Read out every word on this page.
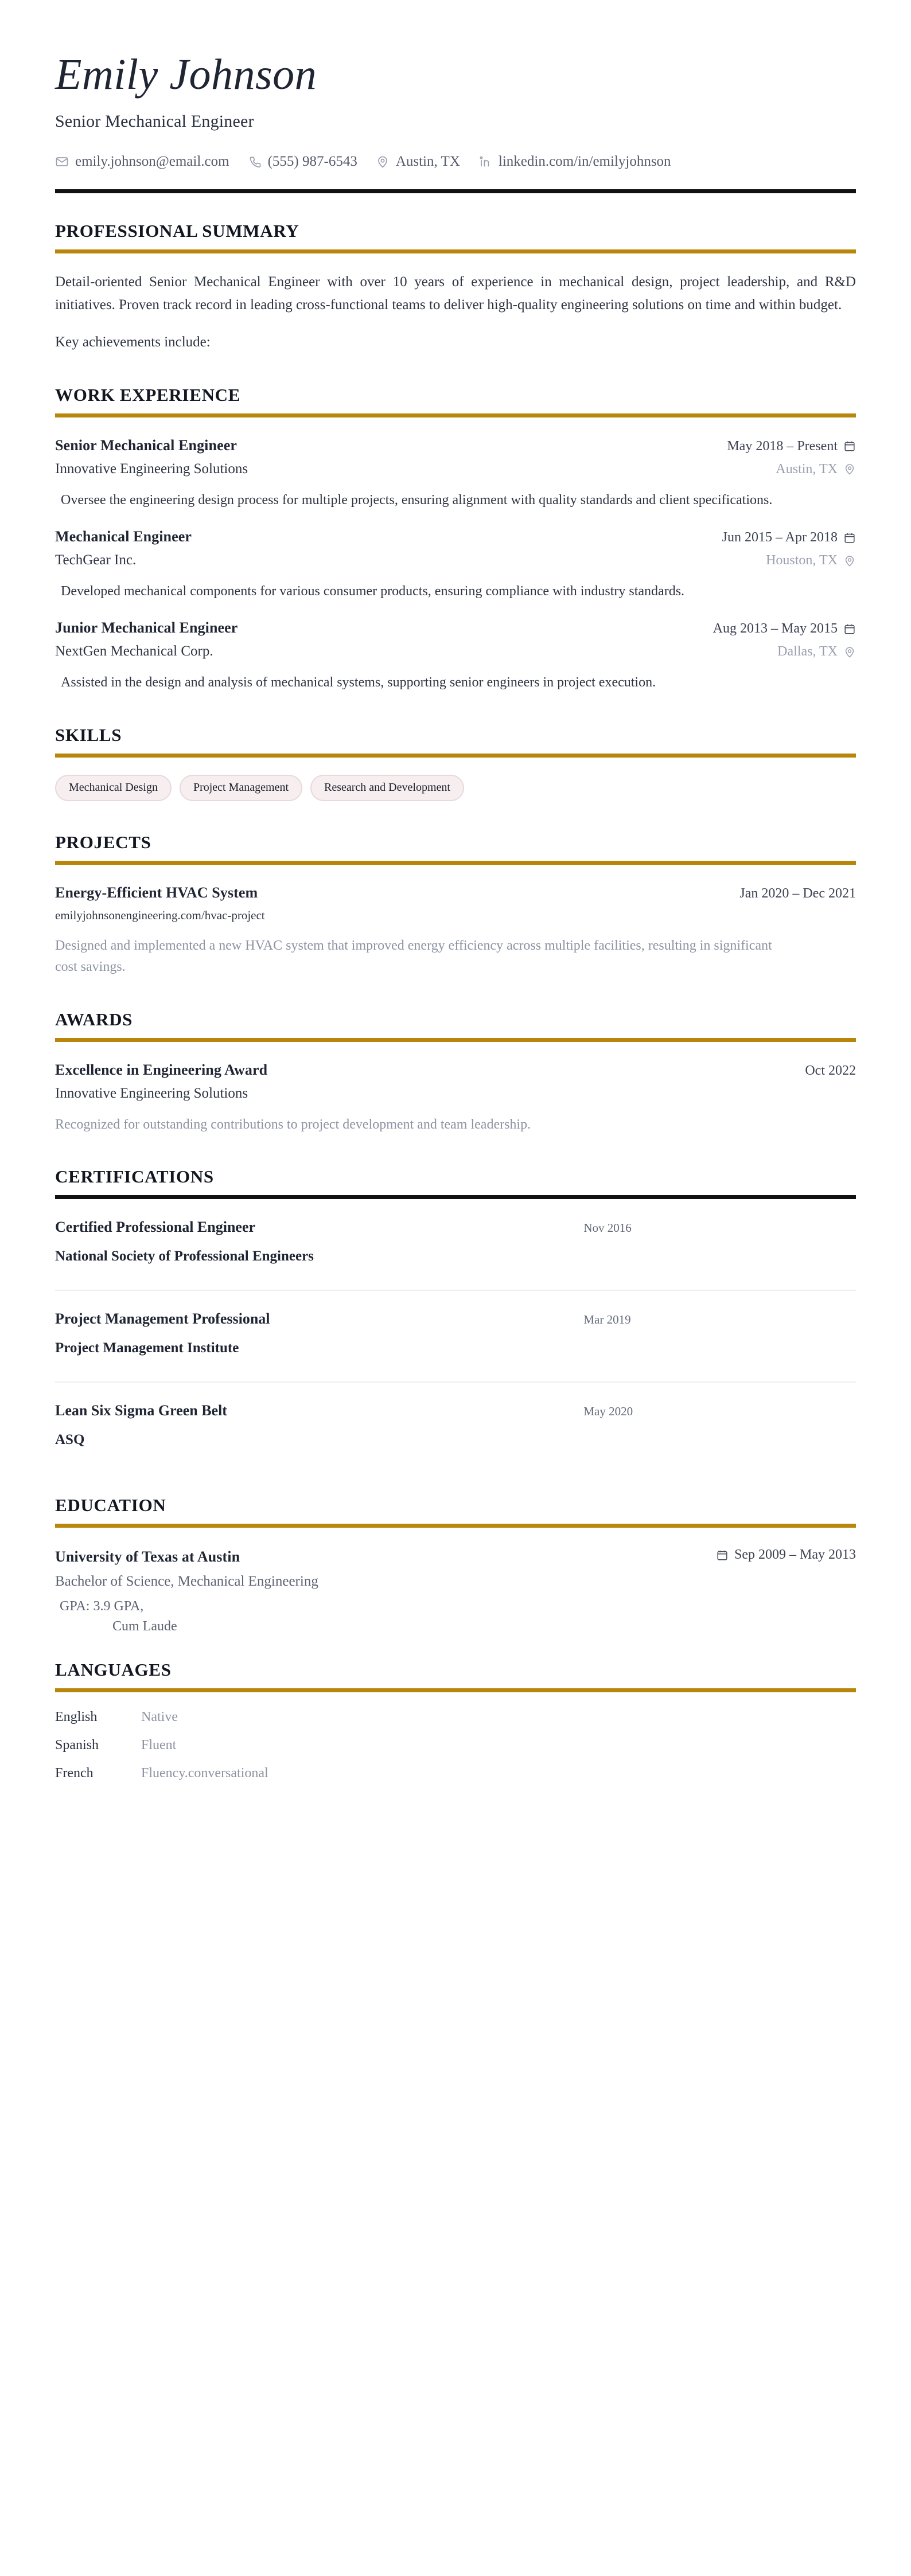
Emily Johnson
Senior Mechanical Engineer
emily.johnson@email.com	(555) 987-6543	Austin, TX	linkedin.com/in/emilyjohnson
PROFESSIONAL SUMMARY

Detail-oriented Senior Mechanical Engineer with over 10 years of experience in mechanical design, project leadership, and R&D initiatives. Proven track record in leading cross-functional teams to deliver high-quality engineering solutions on time and within budget.

Key achievements include:

WORK EXPERIENCE
Senior Mechanical Engineer	May 2018 – Present
Innovative Engineering Solutions	Austin, TX

Oversee the engineering design process for multiple projects, ensuring alignment with quality standards and client specifications.

Mechanical Engineer	Jun 2015 – Apr 2018
TechGear Inc.	Houston, TX

Developed mechanical components for various consumer products, ensuring compliance with industry standards.

Junior Mechanical Engineer	Aug 2013 – May 2015
NextGen Mechanical Corp.	Dallas, TX

Assisted in the design and analysis of mechanical systems, supporting senior engineers in project execution.

SKILLS
Mechanical Design	Project Management	Research and Development
PROJECTS
Energy-Efficient HVAC System	Jan 2020 – Dec 2021
emilyjohnsonengineering.com/hvac-project

Designed and implemented a new HVAC system that improved energy efficiency across multiple facilities, resulting in significant cost savings.

AWARDS
Excellence in Engineering Award	Oct 2022
Innovative Engineering Solutions

Recognized for outstanding contributions to project development and team leadership.

CERTIFICATIONS
Certified Professional Engineer	Nov 2016
National Society of Professional Engineers
Project Management Professional	Mar 2019
Project Management Institute
Lean Six Sigma Green Belt	May 2020
ASQ
EDUCATION
University of Texas at Austin	Sep 2009 – May 2013
Bachelor of Science, Mechanical Engineering
GPA: 3.9 GPA,
Cum Laude
LANGUAGES
English	Native
Spanish	Fluent
French	Fluency.conversational
